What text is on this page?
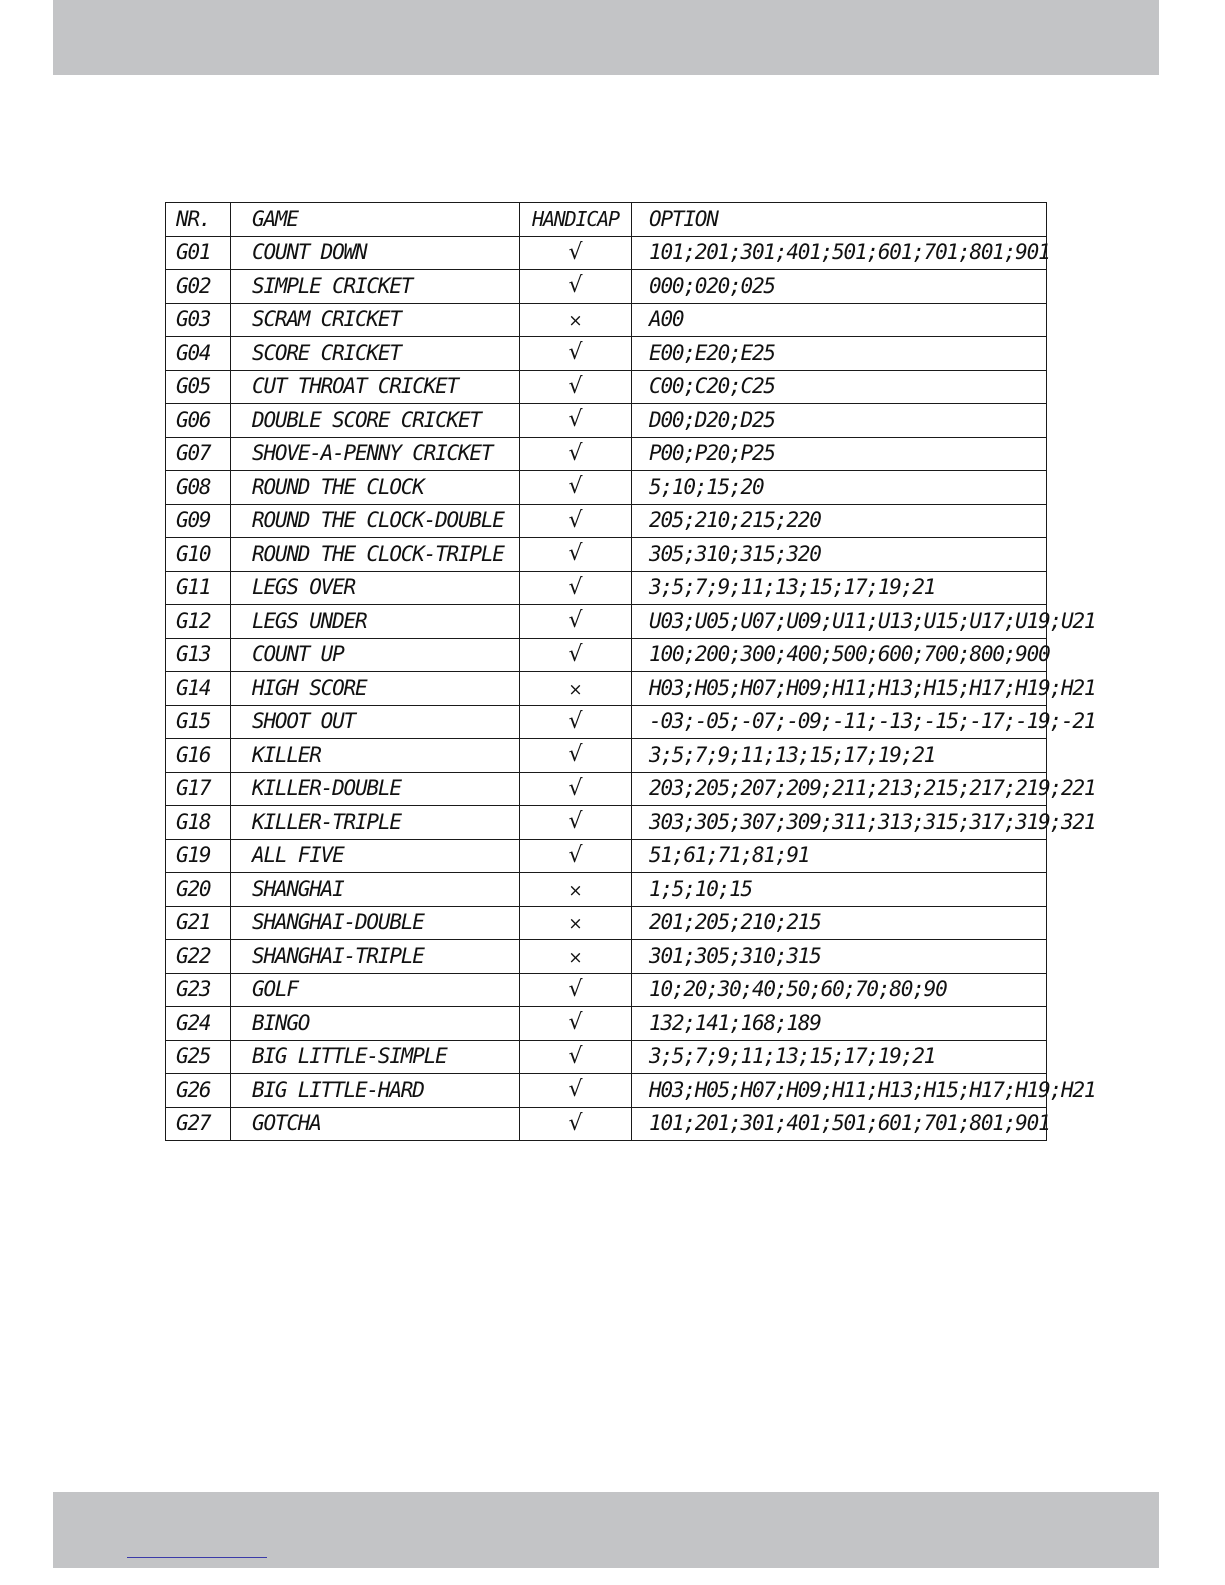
NR.	GAME	HANDICAP	OPTION
G01	COUNT DOWN	√	101;201;301;401;501;601;701;801;901
G02	SIMPLE CRICKET	√	000;020;025
G03	SCRAM CRICKET	×	A00
G04	SCORE CRICKET	√	E00;E20;E25
G05	CUT THROAT CRICKET	√	C00;C20;C25
G06	DOUBLE SCORE CRICKET	√	D00;D20;D25
G07	SHOVE-A-PENNY CRICKET	√	P00;P20;P25
G08	ROUND THE CLOCK	√	5;10;15;20
G09	ROUND THE CLOCK-DOUBLE	√	205;210;215;220
G10	ROUND THE CLOCK-TRIPLE	√	305;310;315;320
G11	LEGS OVER	√	3;5;7;9;11;13;15;17;19;21
G12	LEGS UNDER	√	U03;U05;U07;U09;U11;U13;U15;U17;U19;U21
G13	COUNT UP	√	100;200;300;400;500;600;700;800;900
G14	HIGH SCORE	×	H03;H05;H07;H09;H11;H13;H15;H17;H19;H21
G15	SHOOT OUT	√	-03;-05;-07;-09;-11;-13;-15;-17;-19;-21
G16	KILLER	√	3;5;7;9;11;13;15;17;19;21
G17	KILLER-DOUBLE	√	203;205;207;209;211;213;215;217;219;221
G18	KILLER-TRIPLE	√	303;305;307;309;311;313;315;317;319;321
G19	ALL FIVE	√	51;61;71;81;91
G20	SHANGHAI	×	1;5;10;15
G21	SHANGHAI-DOUBLE	×	201;205;210;215
G22	SHANGHAI-TRIPLE	×	301;305;310;315
G23	GOLF	√	10;20;30;40;50;60;70;80;90
G24	BINGO	√	132;141;168;189
G25	BIG LITTLE-SIMPLE	√	3;5;7;9;11;13;15;17;19;21
G26	BIG LITTLE-HARD	√	H03;H05;H07;H09;H11;H13;H15;H17;H19;H21
G27	GOTCHA	√	101;201;301;401;501;601;701;801;901
